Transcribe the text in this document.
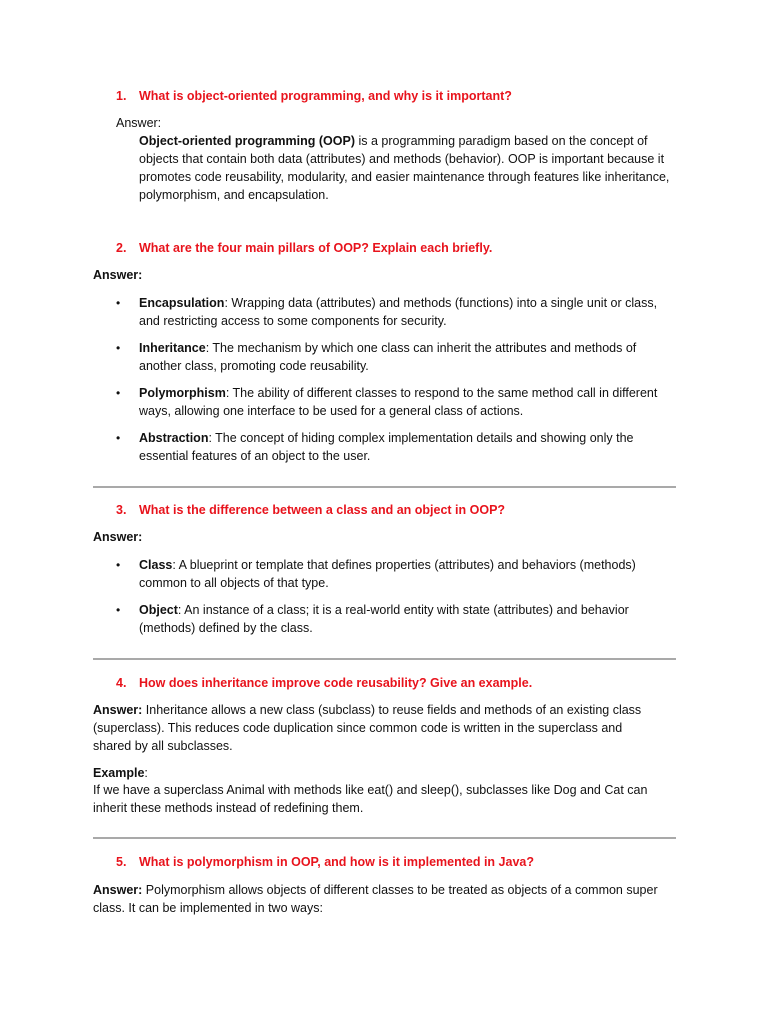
1. What is object-oriented programming, and why is it important?
Answer:
Object-oriented programming (OOP) is a programming paradigm based on the concept of objects that contain both data (attributes) and methods (behavior). OOP is important because it promotes code reusability, modularity, and easier maintenance through features like inheritance, polymorphism, and encapsulation.
2. What are the four main pillars of OOP? Explain each briefly.
Answer:
• Encapsulation: Wrapping data (attributes) and methods (functions) into a single unit or class, and restricting access to some components for security.
• Inheritance: The mechanism by which one class can inherit the attributes and methods of another class, promoting code reusability.
• Polymorphism: The ability of different classes to respond to the same method call in different ways, allowing one interface to be used for a general class of actions.
• Abstraction: The concept of hiding complex implementation details and showing only the essential features of an object to the user.
3. What is the difference between a class and an object in OOP?
Answer:
• Class: A blueprint or template that defines properties (attributes) and behaviors (methods) common to all objects of that type.
• Object: An instance of a class; it is a real-world entity with state (attributes) and behavior (methods) defined by the class.
4. How does inheritance improve code reusability? Give an example.
Answer: Inheritance allows a new class (subclass) to reuse fields and methods of an existing class (superclass). This reduces code duplication since common code is written in the superclass and shared by all subclasses.
Example:
If we have a superclass Animal with methods like eat() and sleep(), subclasses like Dog and Cat can inherit these methods instead of redefining them.
5. What is polymorphism in OOP, and how is it implemented in Java?
Answer: Polymorphism allows objects of different classes to be treated as objects of a common super class. It can be implemented in two ways:
